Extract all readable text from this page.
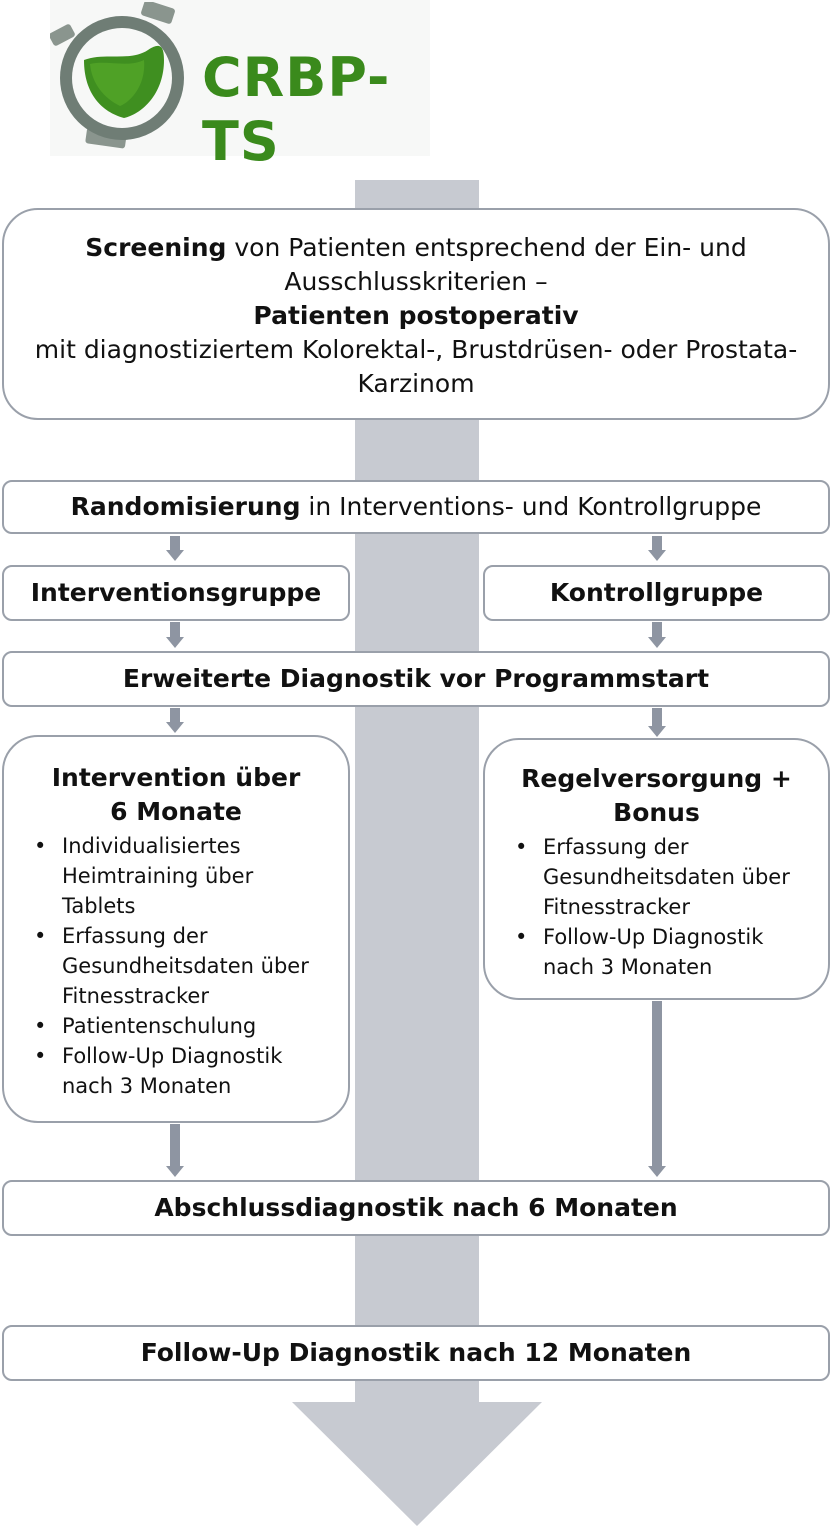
CRBP-TS
Screening von Patienten entsprechend der Ein- und
Ausschlusskriterien –
Patienten postoperativ
mit diagnostiziertem Kolorektal-, Brustdrüsen- oder Prostata-
Karzinom
Randomisierung in Interventions- und Kontrollgruppe
Interventionsgruppe	Kontrollgruppe
Erweiterte Diagnostik vor Programmstart
Intervention über
6 Monate
• Individualisiertes
Heimtraining über
Tablets
• Erfassung der
Gesundheitsdaten über
Fitnesstracker
• Patientenschulung
• Follow-Up Diagnostik
nach 3 Monaten
Regelversorgung +
Bonus
• Erfassung der
Gesundheitsdaten über
Fitnesstracker
• Follow-Up Diagnostik
nach 3 Monaten
Abschlussdiagnostik nach 6 Monaten
Follow-Up Diagnostik nach 12 Monaten
